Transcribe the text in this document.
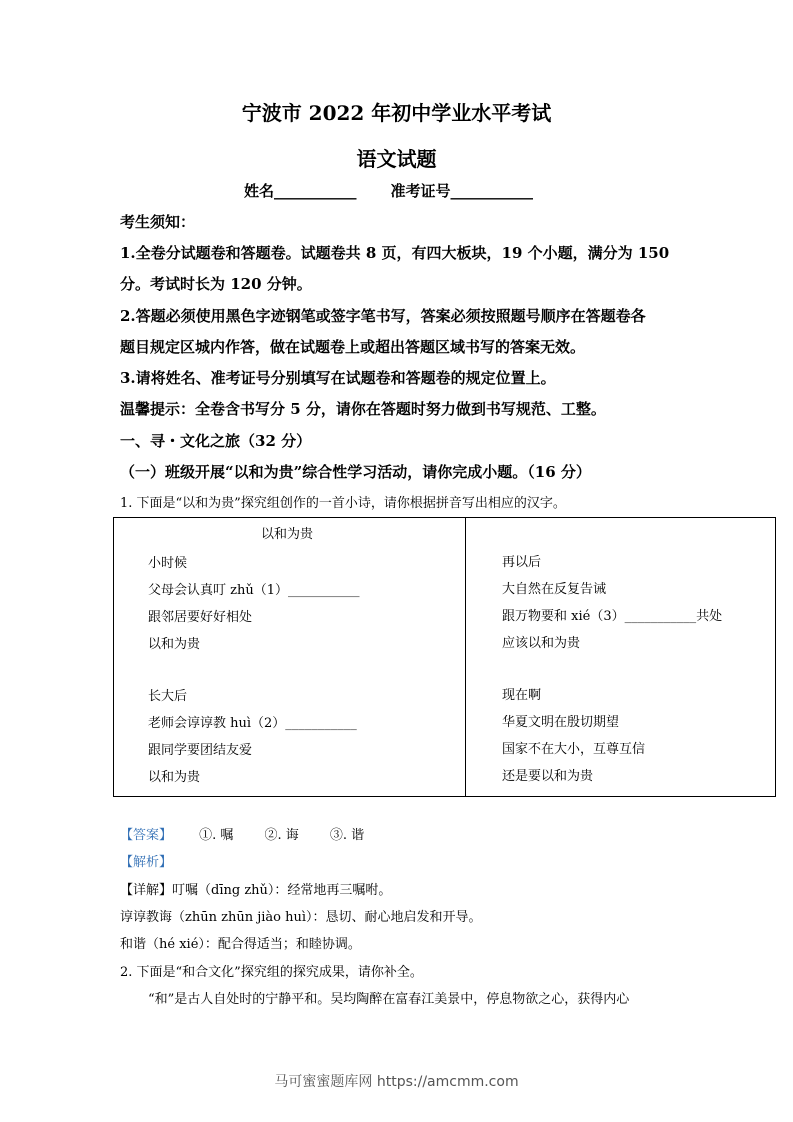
宁波市 2022 年初中学业水平考试
语文试题
姓名___________ 准考证号___________
考生须知：
1.全卷分试题卷和答题卷。试题卷共 8 页，有四大板块，19 个小题，满分为 150
分。考试时长为 120 分钟。
2.答题必须使用黑色字迹钢笔或签字笔书写，答案必须按照题号顺序在答题卷各
题目规定区城内作答，做在试题卷上或超出答题区域书写的答案无效。
3.请将姓名、准考证号分别填写在试题卷和答题卷的规定位置上。
温馨提示：全卷含书写分 5 分，请你在答题时努力做到书写规范、工整。
一、寻・文化之旅（32 分）
（一）班级开展“以和为贵”综合性学习活动，请你完成小题。（16 分）
1. 下面是“以和为贵”探究组创作的一首小诗，请你根据拼音写出相应的汉字。
以和为贵
小时候
父母会认真叮 zhǔ（1）___________
跟邻居要好好相处
以和为贵
长大后
老师会谆谆教 huì（2）___________
跟同学要团结友爱
以和为贵
再以后
大自然在反复告诫
跟万物要和 xié（3）___________共处
应该以和为贵
现在啊
华夏文明在殷切期望
国家不在大小，互尊互信
还是要以和为贵
【答案】 ①. 嘱 ②. 诲 ③. 谐
【解析】
【详解】叮嘱（dīng zhǔ）：经常地再三嘱咐。
谆谆教诲（zhūn zhūn jiào huì）：恳切、耐心地启发和开导。
和谐（hé xié）：配合得适当；和睦协调。
2. 下面是“和合文化”探究组的探究成果，请你补全。
“和”是古人自处时的宁静平和。吴均陶醉在富春江美景中，停息物欲之心，获得内心
马可蜜蜜题库网 https://amcmm.com
